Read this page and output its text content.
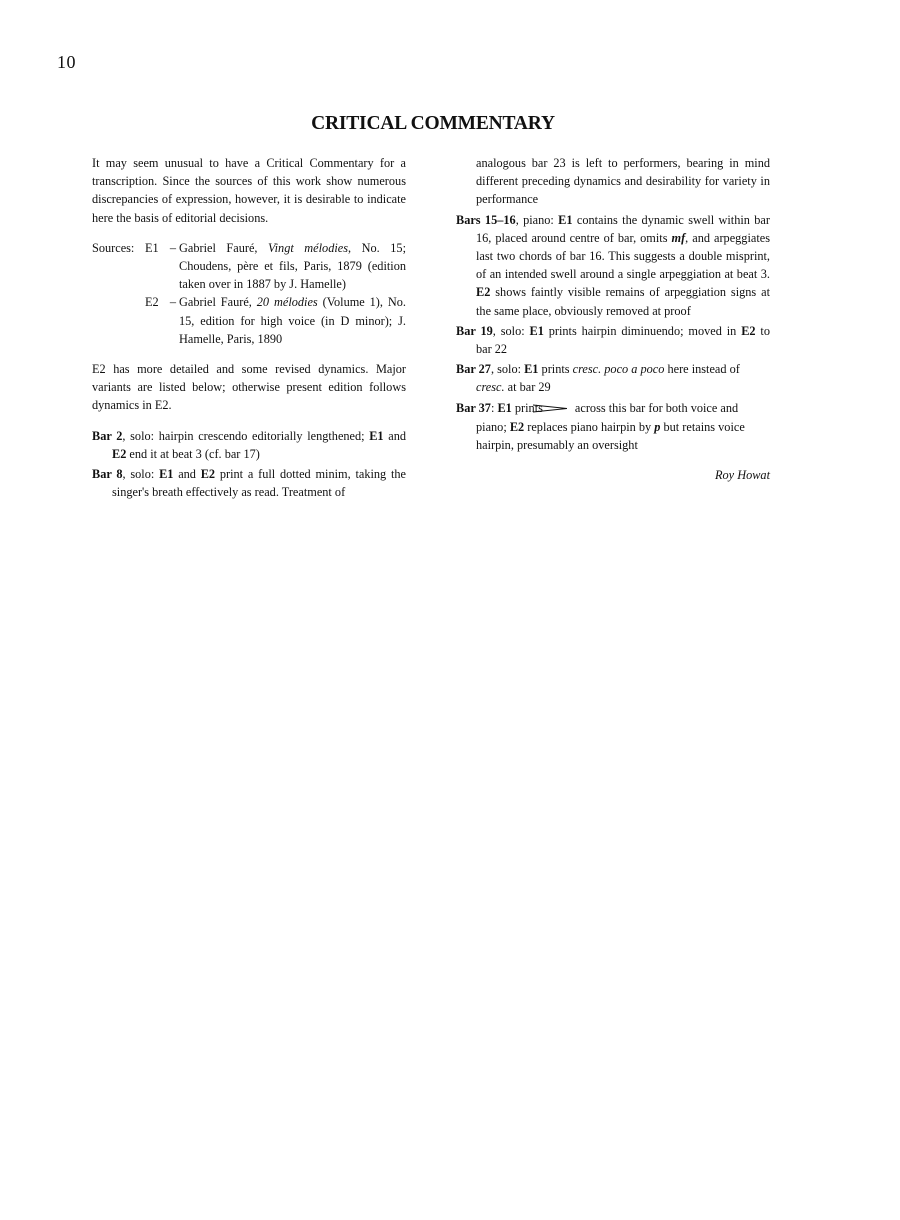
10
CRITICAL COMMENTARY

It may seem unusual to have a Critical Commentary for a transcription. Since the sources of this work show numerous discrepancies of expression, however, it is desirable to indicate here the basis of editorial decisions.

Sources: E1 – Gabriel Fauré, Vingt mélodies, No. 15; Choudens, père et fils, Paris, 1879 (edition taken over in 1887 by J. Hamelle)
E2 – Gabriel Fauré, 20 mélodies (Volume 1), No. 15, edition for high voice (in D minor); J. Hamelle, Paris, 1890

E2 has more detailed and some revised dynamics. Major variants are listed below; otherwise present edition follows dynamics in E2.

Bar 2, solo: hairpin crescendo editorially lengthened; E1 and E2 end it at beat 3 (cf. bar 17)

Bar 8, solo: E1 and E2 print a full dotted minim, taking the singer's breath effectively as read. Treatment of

analogous bar 23 is left to performers, bearing in mind different preceding dynamics and desirability for variety in performance

Bars 15–16, piano: E1 contains the dynamic swell within bar 16, placed around centre of bar, omits mf, and arpeggiates last two chords of bar 16. This suggests a double misprint, of an intended swell around a single arpeggiation at beat 3. E2 shows faintly visible remains of arpeggiation signs at the same place, obviously removed at proof

Bar 19, solo: E1 prints hairpin diminuendo; moved in E2 to bar 22

Bar 27, solo: E1 prints cresc. poco a poco here instead of cresc. at bar 29

Bar 37: E1 prints	across this bar for both voice and piano; E2 replaces piano hairpin by p but retains voice hairpin, presumably an oversight

Roy Howat
